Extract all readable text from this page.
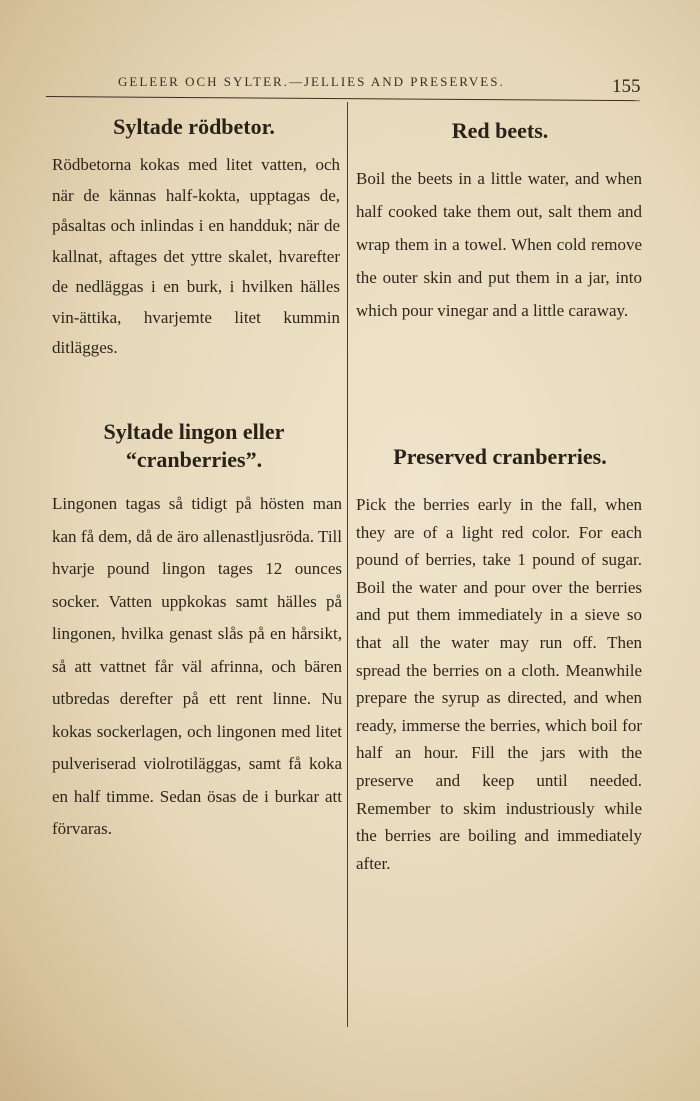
GELEER OCH SYLTER.—JELLIES AND PRESERVES.	155
Syltade rödbetor.

Rödbetorna kokas med litet vatten, och när de kännas half-kokta, upptagas de, påsaltas och inlindas i en handduk; när de kallnat, aftages det yttre skalet, hvarefter de nedläggas i en burk, i hvilken hälles vin-ättika, hvarjemte litet kummin ditlägges.

Syltade lingon eller “cranberries”.

Lingonen tagas så tidigt på hösten man kan få dem, då de äro allenastljusröda. Till hvarje pound lingon tages 12 ounces socker. Vatten uppkokas samt hälles på lingonen, hvilka genast slås på en hårsikt, så att vattnet får väl afrinna, och bären utbredas derefter på ett rent linne. Nu kokas sockerlagen, och lingonen med litet pulveriserad violrotiläggas, samt få koka en half timme. Sedan ösas de i burkar att förvaras.

Red beets.

Boil the beets in a little water, and when half cooked take them out, salt them and wrap them in a towel. When cold remove the outer skin and put them in a jar, into which pour vinegar and a little caraway.

Preserved cranberries.

Pick the berries early in the fall, when they are of a light red color. For each pound of berries, take 1 pound of sugar. Boil the water and pour over the berries and put them immediately in a sieve so that all the water may run off. Then spread the berries on a cloth. Meanwhile prepare the syrup as directed, and when ready, immerse the berries, which boil for half an hour. Fill the jars with the preserve and keep until needed. Remember to skim industriously while the berries are boiling and immediately after.
